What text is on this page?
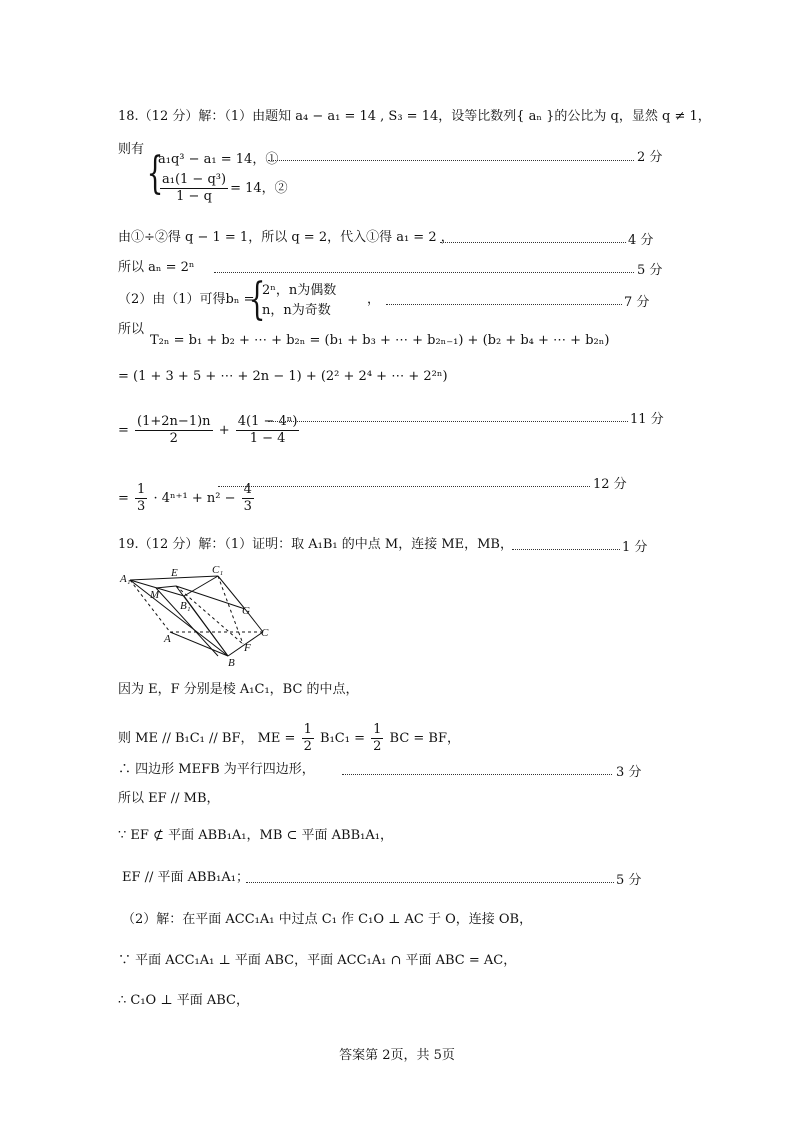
18.（12 分）解：（1）由题知 a₄ − a₁ = 14 , S₃ = 14，设等比数列{ aₙ }的公比为 q，显然 q ≠ 1，
则有 {
a₁q³ − a₁ = 14，①
$\frac{\text{a₁(1 − q³)}}{1 - q} = 14$，②
2 分
由①÷②得 q − 1 = 1，所以 q = 2，代入①得 a₁ = 2 ，	4 分
所以 aₙ = 2ⁿ	5 分
（2）由（1）可得bₙ =
{
2ⁿ，n为偶数
n，n为奇数
，	7 分
所以
T₂ₙ = b₁ + b₂ + ⋯ + b₂ₙ = (b₁ + b₃ + ⋯ + b₂ₙ₋₁) + (b₂ + b₄ + ⋯ + b₂ₙ)
= (1 + 3 + 5 + ⋯ + 2n − 1) + (2² + 2⁴ + ⋯ + 2²ⁿ)
= $\frac{(1+2n-1)n}{2} + \frac{\text{4(1 − 4ⁿ)}}{1 - 4}$	11 分
= $\frac{1}{3} \cdot 4^{n+1} + n^2 - \frac{4}{3}$	12 分
19.（12 分）解：（1）证明：取 A₁B₁ 的中点 M，连接 ME，MB，	1 分
A₁	E	C₁
M
B₁	G
C
A
F
B
因为 E，F 分别是棱 A₁C₁，BC 的中点，
则 ME // B₁C₁ // BF， ME = $\frac{1}{2} B_1C_1 = \frac{1}{2}$ BC = BF，
∴ 四边形 MEFB 为平行四边形，	3 分
所以 EF // MB，
∵ EF ⊄ 平面 ABB₁A₁，MB ⊂ 平面 ABB₁A₁，
EF // 平面 ABB₁A₁；	5 分
（2）解：在平面 ACC₁A₁ 中过点 C₁ 作 C₁O ⊥ AC 于 O，连接 OB，
∵ 平面 ACC₁A₁ ⊥ 平面 ABC，平面 ACC₁A₁ ∩ 平面 ABC = AC，
∴ C₁O ⊥ 平面 ABC，
答案第 2页，共 5页
